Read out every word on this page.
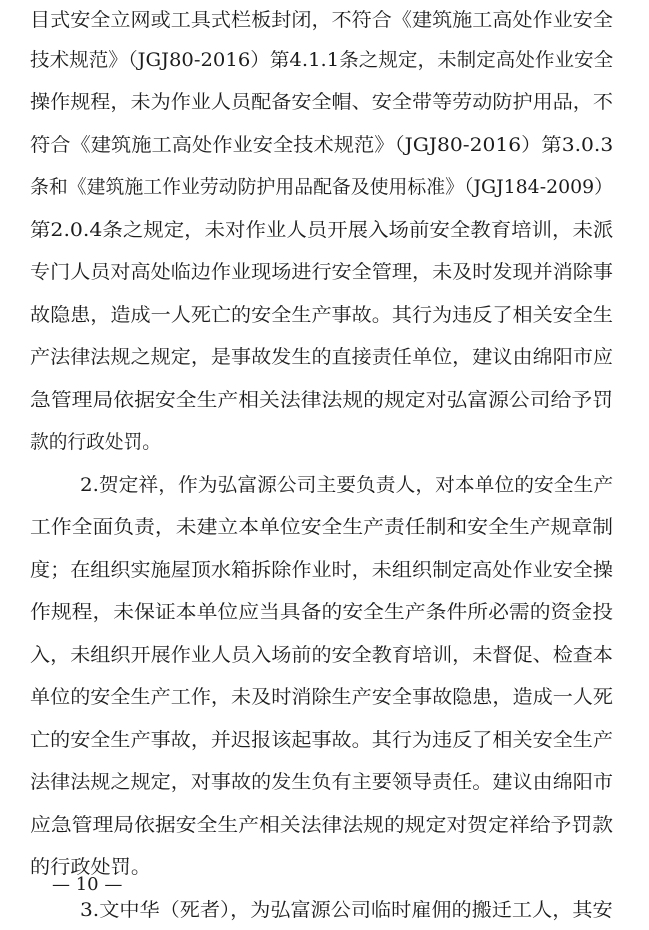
目式安全立网或工具式栏板封闭，不符合《建筑施工高处作业安全
技术规范》（JGJ80-2016）第4.1.1条之规定，未制定高处作业安全
操作规程，未为作业人员配备安全帽、安全带等劳动防护用品，不
符合《建筑施工高处作业安全技术规范》（JGJ80-2016）第3.0.3
条和《建筑施工作业劳动防护用品配备及使用标准》（JGJ184-2009）
第2.0.4条之规定，未对作业人员开展入场前安全教育培训，未派
专门人员对高处临边作业现场进行安全管理，未及时发现并消除事
故隐患，造成一人死亡的安全生产事故。其行为违反了相关安全生
产法律法规之规定，是事故发生的直接责任单位，建议由绵阳市应
急管理局依据安全生产相关法律法规的规定对弘富源公司给予罚
款的行政处罚。
2.贺定祥，作为弘富源公司主要负责人，对本单位的安全生产
工作全面负责，未建立本单位安全生产责任制和安全生产规章制
度；在组织实施屋顶水箱拆除作业时，未组织制定高处作业安全操
作规程，未保证本单位应当具备的安全生产条件所必需的资金投
入，未组织开展作业人员入场前的安全教育培训，未督促、检查本
单位的安全生产工作，未及时消除生产安全事故隐患，造成一人死
亡的安全生产事故，并迟报该起事故。其行为违反了相关安全生产
法律法规之规定，对事故的发生负有主要领导责任。建议由绵阳市
应急管理局依据安全生产相关法律法规的规定对贺定祥给予罚款
的行政处罚。
3.文中华（死者），为弘富源公司临时雇佣的搬迁工人，其安
— 10 —
